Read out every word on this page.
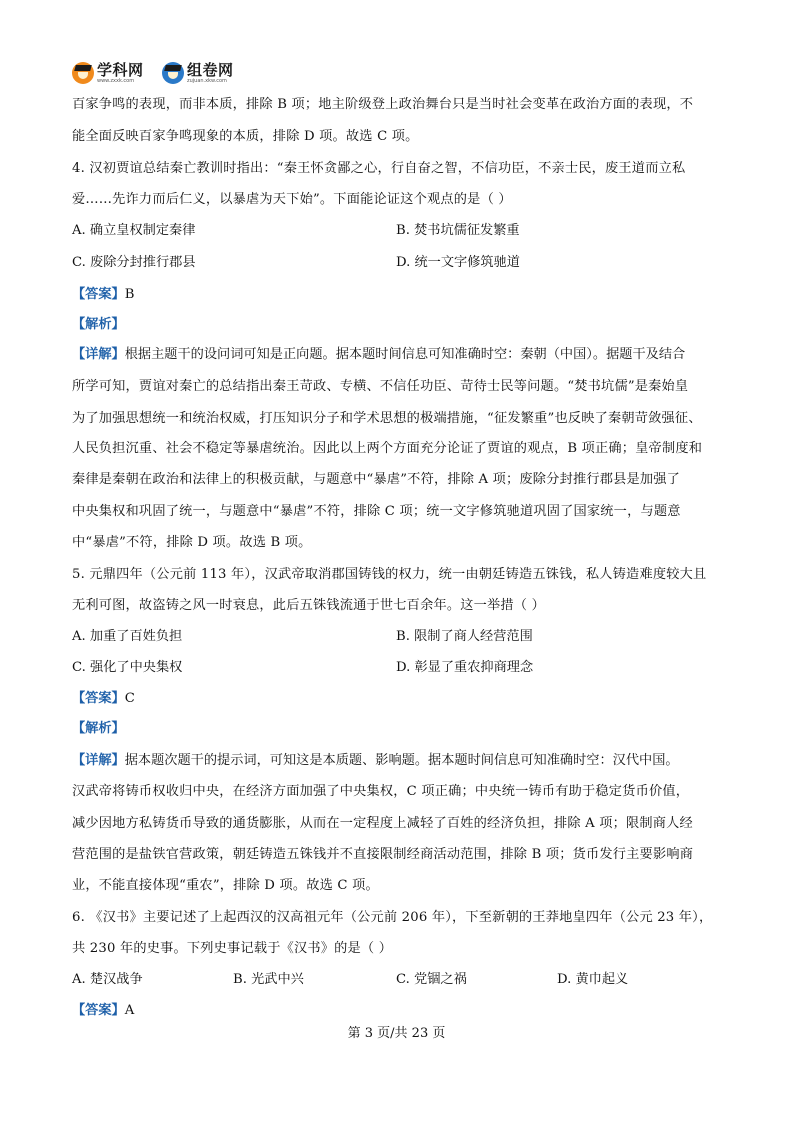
学科网
www.zxxk.com
组卷网
zujuan.xkw.com
百家争鸣的表现，而非本质，排除 B 项；地主阶级登上政治舞台只是当时社会变革在政治方面的表现，不
能全面反映百家争鸣现象的本质，排除 D 项。故选 C 项。
4. 汉初贾谊总结秦亡教训时指出：“秦王怀贪鄙之心，行自奋之智，不信功臣，不亲士民，废王道而立私
爱……先诈力而后仁义，以暴虐为天下始”。下面能论证这个观点的是（ ）
A. 确立皇权制定秦律	B. 焚书坑儒征发繁重
C. 废除分封推行郡县	D. 统一文字修筑驰道
【答案】B
【解析】
【详解】根据主题干的设问词可知是正向题。据本题时间信息可知准确时空：秦朝（中国）。据题干及结合
所学可知，贾谊对秦亡的总结指出秦王苛政、专横、不信任功臣、苛待士民等问题。“焚书坑儒”是秦始皇
为了加强思想统一和统治权威，打压知识分子和学术思想的极端措施，“征发繁重”也反映了秦朝苛敛强征、
人民负担沉重、社会不稳定等暴虐统治。因此以上两个方面充分论证了贾谊的观点，B 项正确；皇帝制度和
秦律是秦朝在政治和法律上的积极贡献，与题意中“暴虐”不符，排除 A 项；废除分封推行郡县是加强了
中央集权和巩固了统一，与题意中“暴虐”不符，排除 C 项；统一文字修筑驰道巩固了国家统一，与题意
中“暴虐”不符，排除 D 项。故选 B 项。
5. 元鼎四年（公元前 113 年），汉武帝取消郡国铸钱的权力，统一由朝廷铸造五铢钱，私人铸造难度较大且
无利可图，故盗铸之风一时衰息，此后五铢钱流通于世七百余年。这一举措（ ）
A. 加重了百姓负担	B. 限制了商人经营范围
C. 强化了中央集权	D. 彰显了重农抑商理念
【答案】C
【解析】
【详解】据本题次题干的提示词，可知这是本质题、影响题。据本题时间信息可知准确时空：汉代中国。
汉武帝将铸币权收归中央，在经济方面加强了中央集权，C 项正确；中央统一铸币有助于稳定货币价值，
减少因地方私铸货币导致的通货膨胀，从而在一定程度上减轻了百姓的经济负担，排除 A 项；限制商人经
营范围的是盐铁官营政策，朝廷铸造五铢钱并不直接限制经商活动范围，排除 B 项；货币发行主要影响商
业，不能直接体现“重农”，排除 D 项。故选 C 项。
6. 《汉书》主要记述了上起西汉的汉高祖元年（公元前 206 年），下至新朝的王莽地皇四年（公元 23 年），
共 230 年的史事。下列史事记载于《汉书》的是（ ）
A. 楚汉战争	B. 光武中兴	C. 党锢之祸	D. 黄巾起义
【答案】A
第 3 页/共 23 页
